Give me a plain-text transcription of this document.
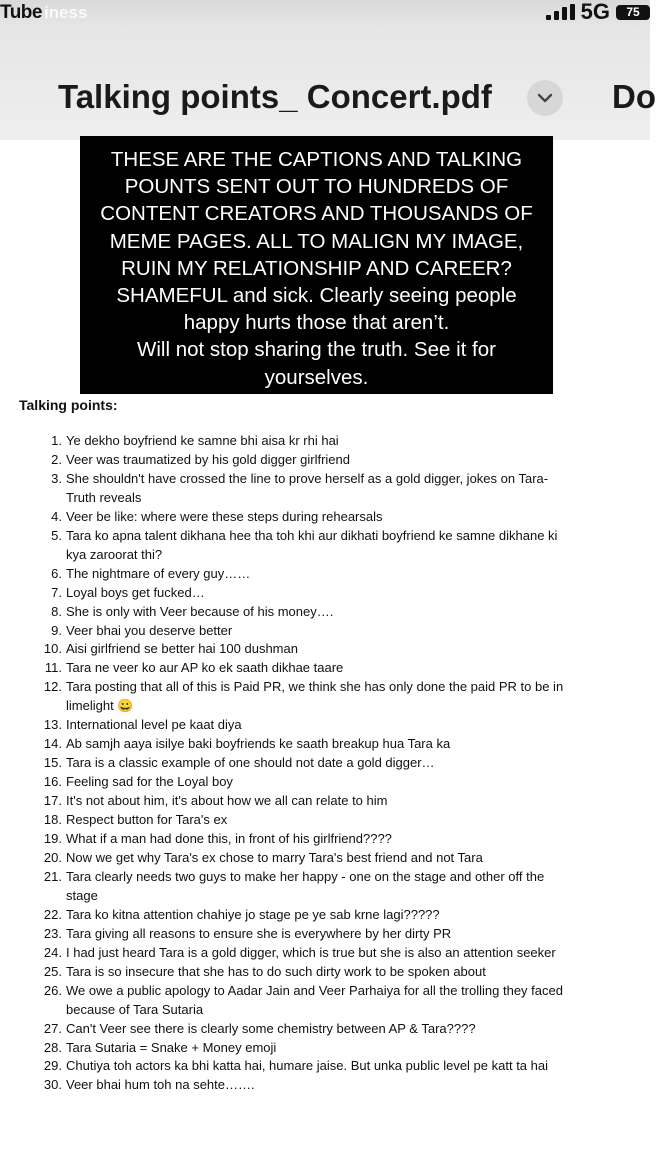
Tube iness	5G	75
Talking points_ Concert.pdf	Do
THESE ARE THE CAPTIONS AND TALKING
POUNTS SENT OUT TO HUNDREDS OF
CONTENT CREATORS AND THOUSANDS OF
MEME PAGES. ALL TO MALIGN MY IMAGE,
RUIN MY RELATIONSHIP AND CAREER?
SHAMEFUL and sick. Clearly seeing people
happy hurts those that aren’t.
Will not stop sharing the truth. See it for
yourselves.
Talking points:
1. Ye dekho boyfriend ke samne bhi aisa kr rhi hai
2. Veer was traumatized by his gold digger girlfriend
3. She shouldn't have crossed the line to prove herself as a gold digger, jokes on Tara-
Truth reveals
4. Veer be like: where were these steps during rehearsals
5. Tara ko apna talent dikhana hee tha toh khi aur dikhati boyfriend ke samne dikhane ki
kya zaroorat thi?
6. The nightmare of every guy……
7. Loyal boys get fucked…
8. She is only with Veer because of his money….
9. Veer bhai you deserve better
10. Aisi girlfriend se better hai 100 dushman
11. Tara ne veer ko aur AP ko ek saath dikhae taare
12. Tara posting that all of this is Paid PR, we think she has only done the paid PR to be in
limelight 😀
13. International level pe kaat diya
14. Ab samjh aaya isilye baki boyfriends ke saath breakup hua Tara ka
15. Tara is a classic example of one should not date a gold digger…
16. Feeling sad for the Loyal boy
17. It's not about him, it's about how we all can relate to him
18. Respect button for Tara's ex
19. What if a man had done this, in front of his girlfriend????
20. Now we get why Tara's ex chose to marry Tara's best friend and not Tara
21. Tara clearly needs two guys to make her happy - one on the stage and other off the
stage
22. Tara ko kitna attention chahiye jo stage pe ye sab krne lagi?????
23. Tara giving all reasons to ensure she is everywhere by her dirty PR
24. I had just heard Tara is a gold digger, which is true but she is also an attention seeker
25. Tara is so insecure that she has to do such dirty work to be spoken about
26. We owe a public apology to Aadar Jain and Veer Parhaiya for all the trolling they faced
because of Tara Sutaria
27. Can't Veer see there is clearly some chemistry between AP & Tara????
28. Tara Sutaria = Snake + Money emoji
29. Chutiya toh actors ka bhi katta hai, humare jaise. But unka public level pe katt ta hai
30. Veer bhai hum toh na sehte…….
